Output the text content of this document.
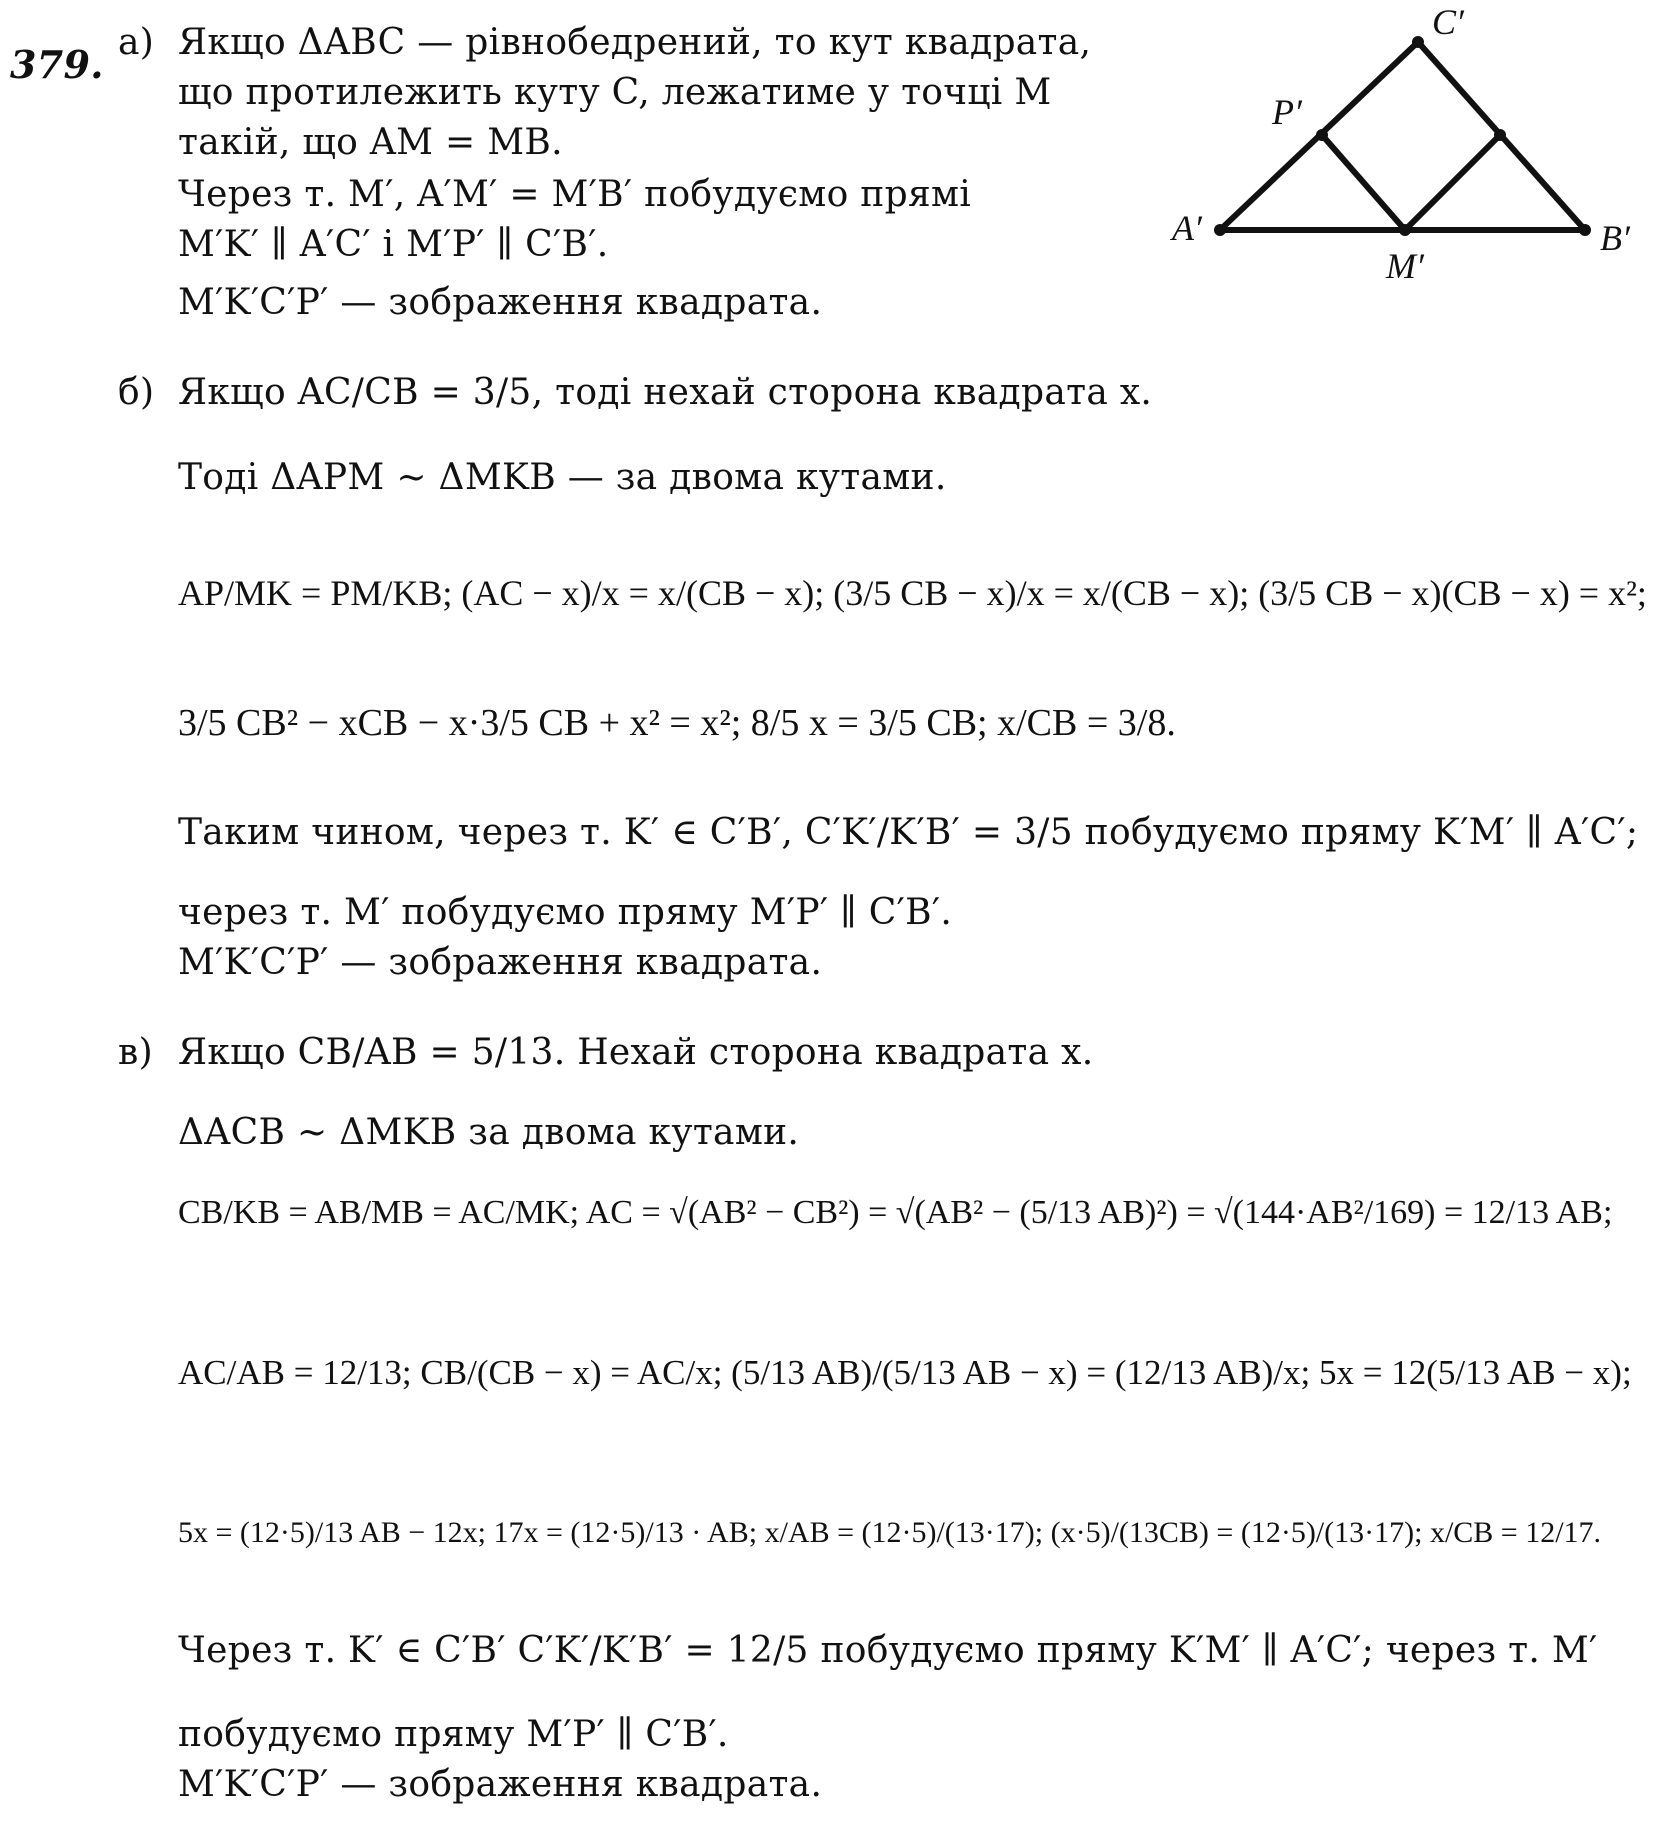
379. а) Якщо ΔABC — рівнобедрений, то кут квадрата,
що протилежить куту C, лежатиме у точці M
такій, що AM = MB.
Через т. M′, A′M′ = M′B′ побудуємо прямі
M′K′ ∥ A′C′ і M′P′ ∥ C′B′.
M′K′C′P′ — зображення квадрата.
C′
P′
A′
M′
B′
б) Якщо AC/CB = 3/5, тоді нехай сторона квадрата x.
Тоді ΔAPM ~ ΔMKB — за двома кутами.
AP/MK = PM/KB; (AC − x)/x = x/(CB − x); (3/5 CB − x)/x = x/(CB − x); (3/5 CB − x)(CB − x) = x²;
3/5 CB² − xCB − x·3/5 CB + x² = x²; 8/5 x = 3/5 CB; x/CB = 3/8.
Таким чином, через т. K′ ∈ C′B′, C′K′/K′B′ = 3/5 побудуємо пряму K′M′ ∥ A′C′;
через т. M′ побудуємо пряму M′P′ ∥ C′B′.
M′K′C′P′ — зображення квадрата.
в) Якщо CB/AB = 5/13. Нехай сторона квадрата x.
ΔACB ~ ΔMKB за двома кутами.
CB/KB = AB/MB = AC/MK; AC = √(AB² − CB²) = √(AB² − (5/13 AB)²) = √(144·AB²/169) = 12/13 AB;
AC/AB = 12/13; CB/(CB − x) = AC/x; (5/13 AB)/(5/13 AB − x) = (12/13 AB)/x; 5x = 12(5/13 AB − x);
5x = (12·5)/13 AB − 12x; 17x = (12·5)/13 · AB; x/AB = (12·5)/(13·17); (x·5)/(13CB) = (12·5)/(13·17); x/CB = 12/17.
Через т. K′ ∈ C′B′ C′K′/K′B′ = 12/5 побудуємо пряму K′M′ ∥ A′C′; через т. M′
побудуємо пряму M′P′ ∥ C′B′.
M′K′C′P′ — зображення квадрата.
